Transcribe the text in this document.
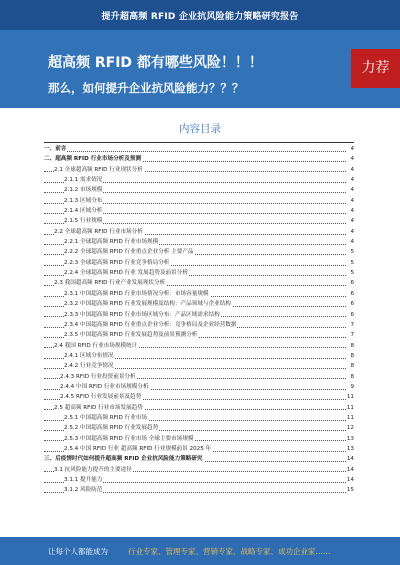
提升超高频 RFID 企业抗风险能力策略研究报告
超高频 RFID 都有哪些风险！！！
那么，如何提升企业抗风险能力？？？
力荐
内容目录
一、前言	4
二、超高频 RFID 行业市场分析及预测	4
2.1 全球超高频 RFID 行业现状分析	4
2.1.1 需求情况	4
2.1.2 市场规模	4
2.1.3 区域分布	4
2.1.4 区域分析	4
2.1.5 行业规模	4
2.2 全球超高频 RFID 行业市场分析	4
2.2.1 全球超高频 RFID 行业市场规模	4
2.2.2 全球超高频 RFID 行业重点企业分析 主要产品	5
2.2.3 全球超高频 RFID 行业竞争格局分析	5
2.2.4 全球超高频 RFID 行业 发展趋势及前景分析	5
2.3 我国超高频 RFID 行业产业发展现状分析	6
2.3.1 中国超高频 RFID 行业市场情况分析：市场容量规模	6
2.3.2 中国超高频 RFID 行业发展规模及结构：产品领域与企业结构	6
2.3.3 中国超高频 RFID 行业市场区域分布：产品区域需求结构	6
2.3.4 中国超高频 RFID 行业重点企业分析：竞争格局及企业经营数据	7
2.3.5 中国超高频 RFID 行业发展趋势及前景预测分析	7
2.4 我国 RFID 行业市场规模统计	8
2.4.1 区域分布情况	8
2.4.2 行业竞争情况	8
2.4.3 RFID 行业投资前景分析	8
2.4.4 中国 RFID 行业市场规模分析	9
2.4.5 RFID 行业发展前景及趋势	11
2.5 超高频 RFID 行业市场发展趋势	11
2.5.1 中国超高频 RFID 行业市场	11
2.5.2 中国超高频 RFID 行业发展趋势	12
2.5.3 中国超高频 RFID 行业市场 全球主要市场规模	13
2.5.4 中国 RFID 行业 超高频 RFID 行业规模前景 2025 年	13
三、后疫情时代如何提升超高频 RFID 企业抗风险能力策略研究	14
3.1 抗风险能力提升的主要途径	14
3.1.1 提升能力	14
3.1.2 风险防范	15
让每个人都能成为	行业专家、管理专家、营销专家、战略专家、成功企业家……
